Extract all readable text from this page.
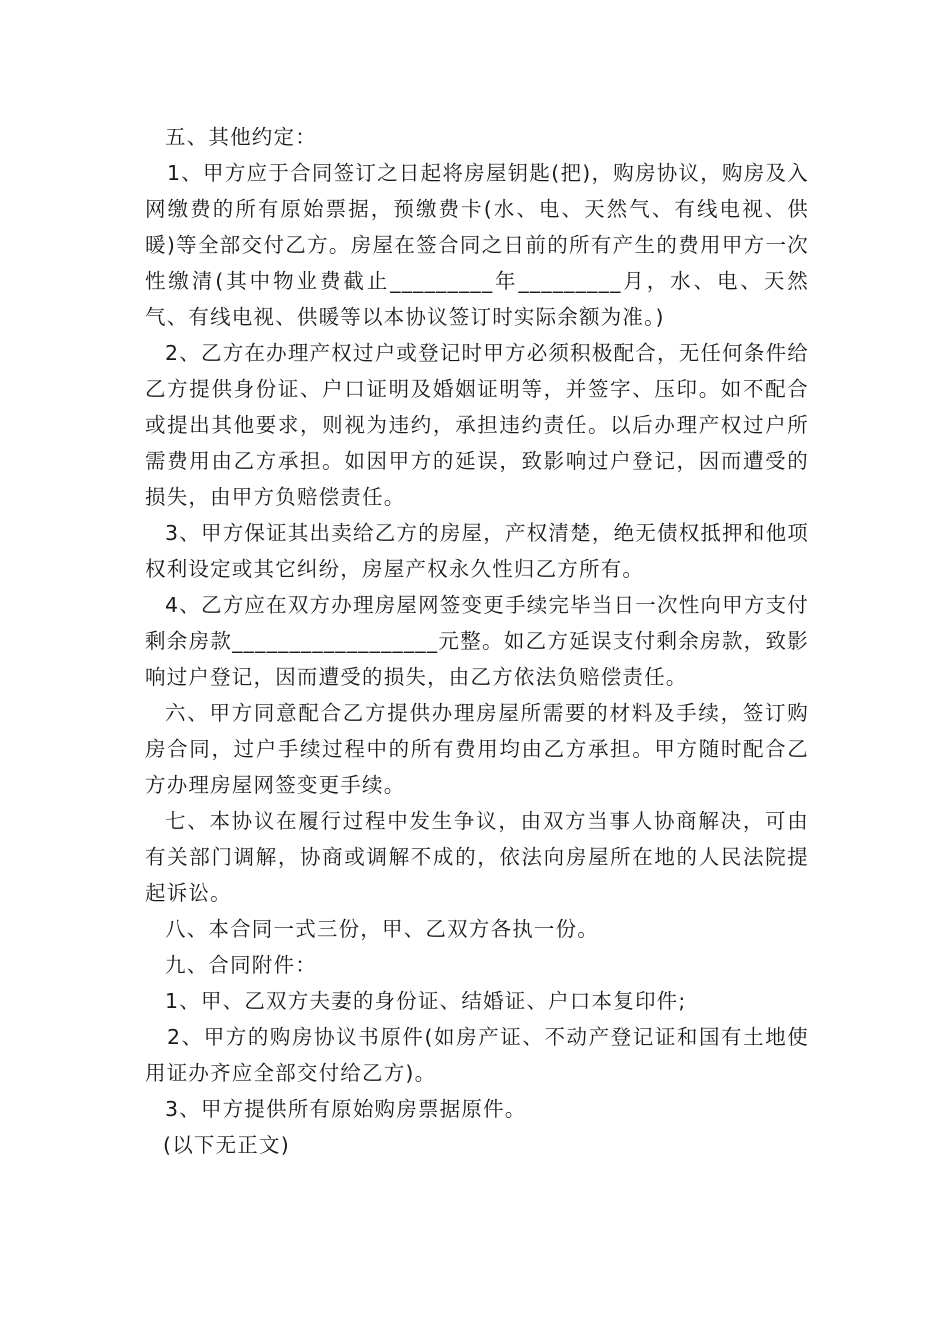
五、其他约定：

1、甲方应于合同签订之日起将房屋钥匙(把)，购房协议，购房及入网缴费的所有原始票据，预缴费卡(水、电、天然气、有线电视、供暖)等全部交付乙方。房屋在签合同之日前的所有产生的费用甲方一次性缴清(其中物业费截止_________年_________月，水、电、天然气、有线电视、供暖等以本协议签订时实际余额为准。)

2、乙方在办理产权过户或登记时甲方必须积极配合，无任何条件给乙方提供身份证、户口证明及婚姻证明等，并签字、压印。如不配合或提出其他要求，则视为违约，承担违约责任。以后办理产权过户所需费用由乙方承担。如因甲方的延误，致影响过户登记，因而遭受的损失，由甲方负赔偿责任。

3、甲方保证其出卖给乙方的房屋，产权清楚，绝无债权抵押和他项权利设定或其它纠纷，房屋产权永久性归乙方所有。

4、乙方应在双方办理房屋网签变更手续完毕当日一次性向甲方支付剩余房款__________________元整。如乙方延误支付剩余房款，致影响过户登记，因而遭受的损失，由乙方依法负赔偿责任。

六、甲方同意配合乙方提供办理房屋所需要的材料及手续，签订购房合同，过户手续过程中的所有费用均由乙方承担。甲方随时配合乙方办理房屋网签变更手续。

七、本协议在履行过程中发生争议，由双方当事人协商解决，可由有关部门调解，协商或调解不成的，依法向房屋所在地的人民法院提起诉讼。

八、本合同一式三份，甲、乙双方各执一份。

九、合同附件：

1、甲、乙双方夫妻的身份证、结婚证、户口本复印件;

2、甲方的购房协议书原件(如房产证、不动产登记证和国有土地使用证办齐应全部交付给乙方)。

3、甲方提供所有原始购房票据原件。

(以下无正文)
